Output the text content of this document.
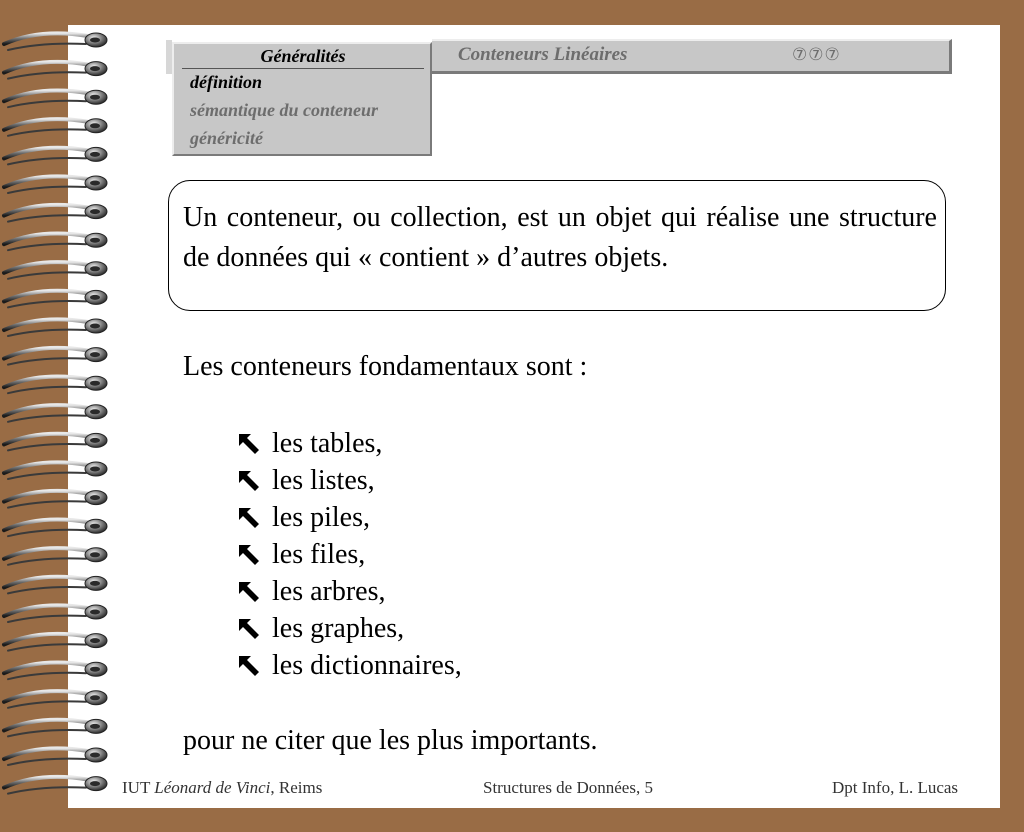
Conteneurs Linéaires	⑦⑦⑦
Généralités
définition
sémantique du conteneur
généricité
Un conteneur, ou collection, est un objet qui réalise une structure de données qui « contient » d’autres objets.
Les conteneurs fondamentaux sont :
les tables,
les listes,
les piles,
les files,
les arbres,
les graphes,
les dictionnaires,
pour ne citer que les plus importants.
IUT Léonard de Vinci, Reims	Structures de Données, 5	Dpt Info, L. Lucas
